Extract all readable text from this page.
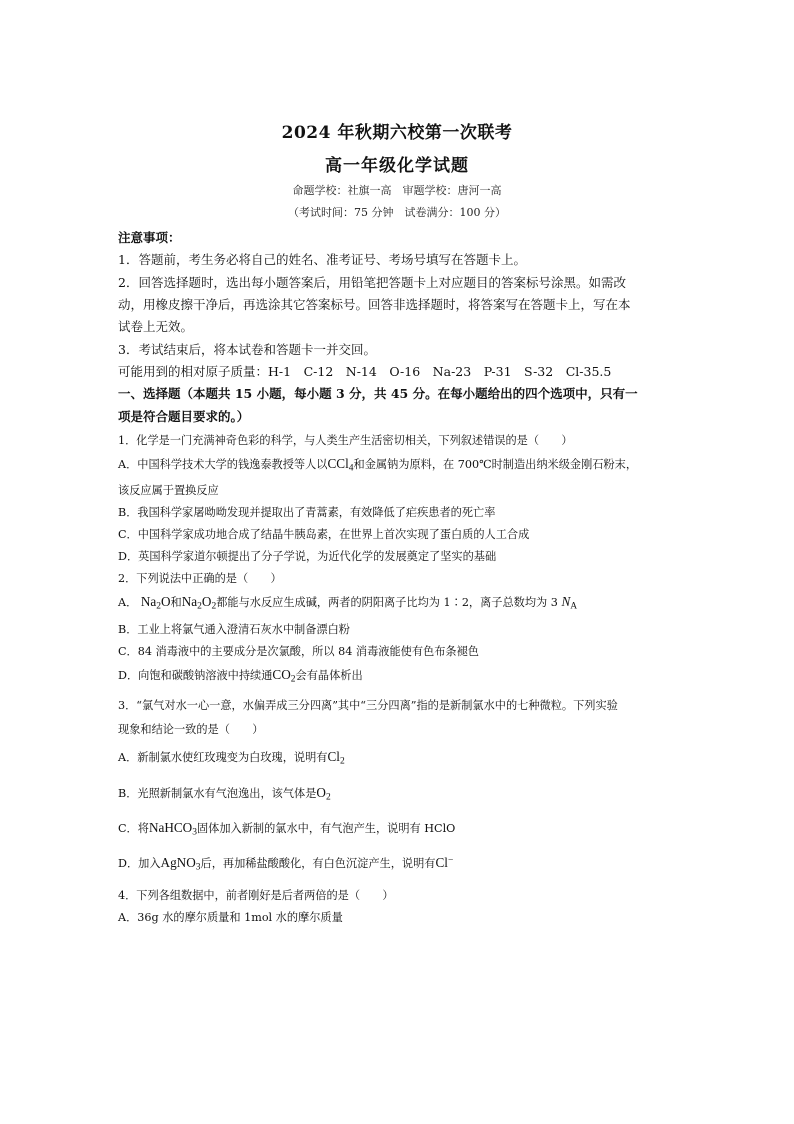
2024 年秋期六校第一次联考
高一年级化学试题
命题学校：社旗一高　审题学校：唐河一高
（考试时间：75 分钟　试卷满分：100 分）
注意事项：
1．答题前，考生务必将自己的姓名、准考证号、考场号填写在答题卡上。
2．回答选择题时，选出每小题答案后，用铅笔把答题卡上对应题目的答案标号涂黑。如需改
动，用橡皮擦干净后，再选涂其它答案标号。回答非选择题时，将答案写在答题卡上，写在本
试卷上无效。
3．考试结束后，将本试卷和答题卡一并交回。
可能用到的相对原子质量：H-1　C-12　N-14　O-16　Na-23　P-31　S-32　Cl-35.5
一、选择题（本题共 15 小题，每小题 3 分，共 45 分。在每小题给出的四个选项中，只有一
项是符合题目要求的。）
1．化学是一门充满神奇色彩的科学，与人类生产生活密切相关，下列叙述错误的是（　　）
A．中国科学技术大学的钱逸泰教授等人以CCl$_4$和金属钠为原料，在 700℃时制造出纳米级金刚石粉末，
该反应属于置换反应
B．我国科学家屠呦呦发现并提取出了青蒿素，有效降低了疟疾患者的死亡率
C．中国科学家成功地合成了结晶牛胰岛素，在世界上首次实现了蛋白质的人工合成
D．英国科学家道尔顿提出了分子学说，为近代化学的发展奠定了坚实的基础
2．下列说法中正确的是（　　）
A． $Na_2O$和$Na_2O_2$都能与水反应生成碱，两者的阴阳离子比均为 1∶2，离子总数均为 3 $N_A$
B．工业上将氯气通入澄清石灰水中制备漂白粉
C．84 消毒液中的主要成分是次氯酸，所以 84 消毒液能使有色布条褪色
D．向饱和碳酸钠溶液中持续通$CO_2$会有晶体析出
3．“氯气对水一心一意，水偏弄成三分四离”其中“三分四离”指的是新制氯水中的七种微粒。下列实验
现象和结论一致的是（　　）
A．新制氯水使红玫瑰变为白玫瑰，说明有$Cl_2$
B．光照新制氯水有气泡逸出，该气体是$O_2$
C．将NaHCO$_3$固体加入新制的氯水中，有气泡产生，说明有 HClO
D．加入AgNO$_3$后，再加稀盐酸酸化，有白色沉淀产生，说明有Cl−
4．下列各组数据中，前者刚好是后者两倍的是（　　）
A．36g 水的摩尔质量和 1mol 水的摩尔质量
